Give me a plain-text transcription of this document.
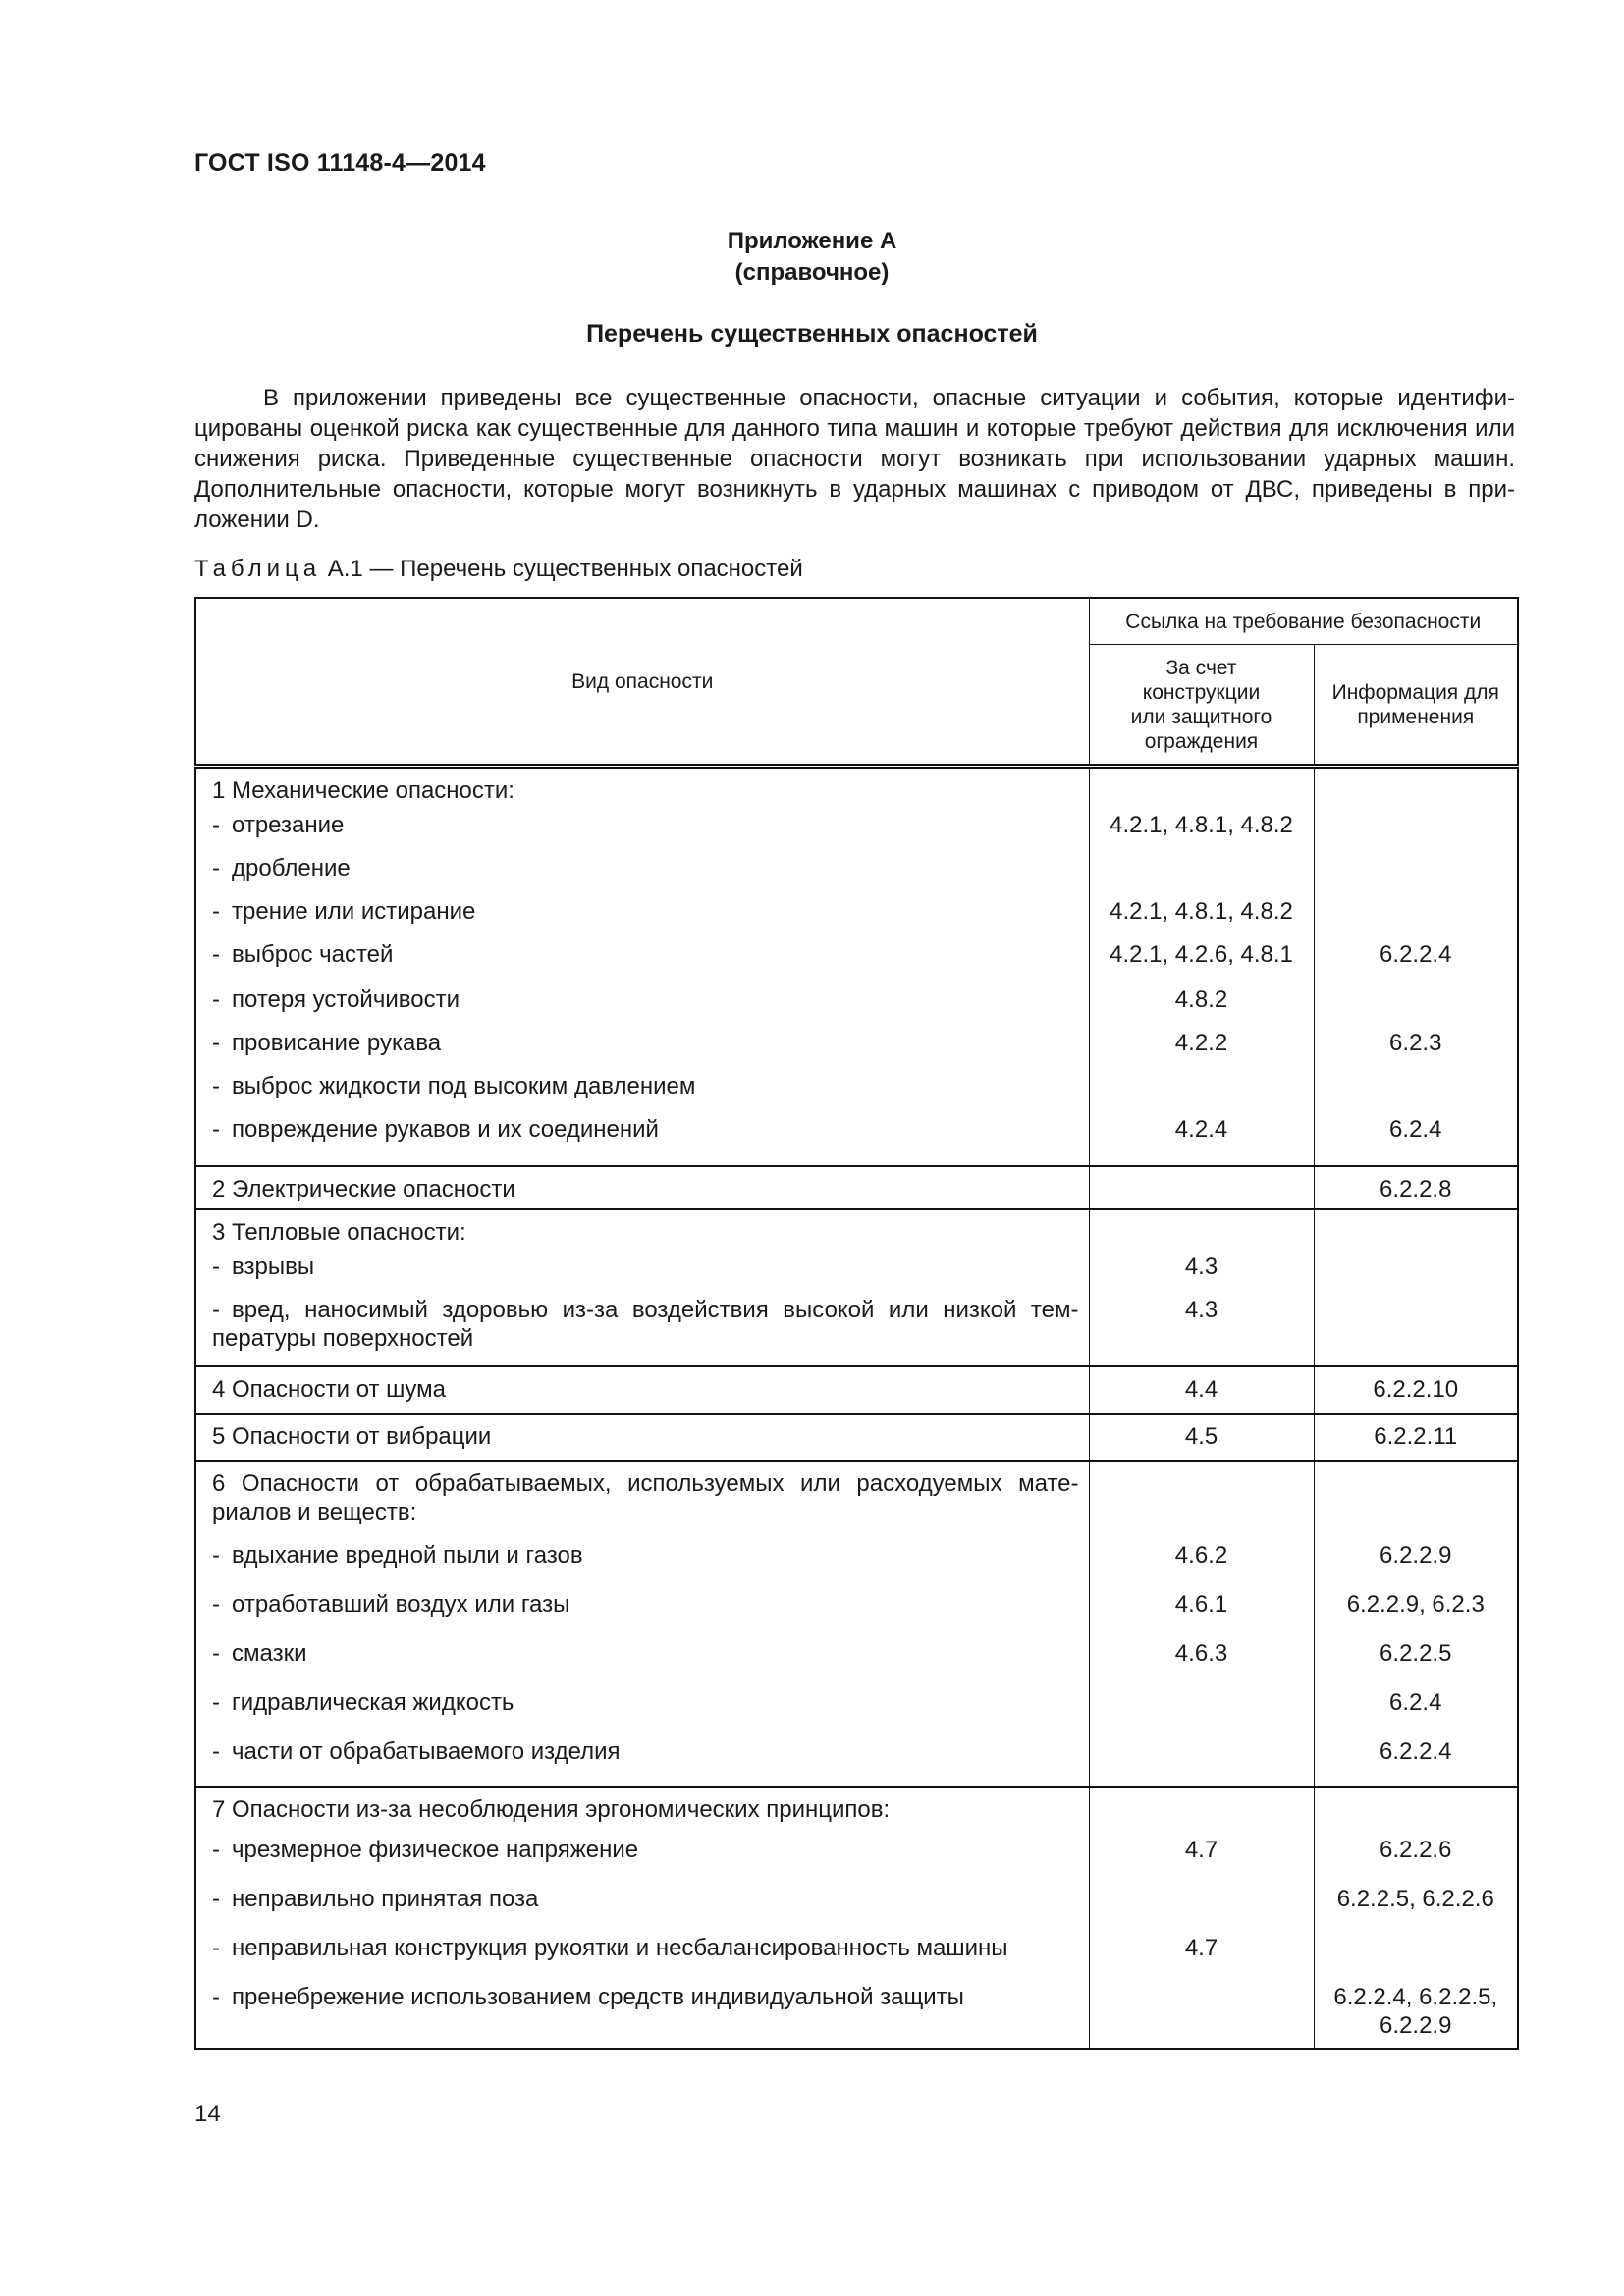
ГОСТ ISO 11148-4—2014
Приложение А
(справочное)
Перечень существенных опасностей
В приложении приведены все существенные опасности, опасные ситуации и события, которые идентифицированы оценкой риска как существенные для данного типа машин и которые требуют действия для исключения или снижения риска. Приведенные существенные опасности могут возникать при использовании ударных машин. Дополнительные опасности, которые могут возникнуть в ударных машинах с приводом от ДВС, приведены в приложении D.
Таблица А.1 — Перечень существенных опасностей
Вид опасности	Ссылка на требование безопасности	

	За счет конструкции или защитного ограждения	Информация для применения

1 Механические опасности:		
- отрезание	4.2.1, 4.8.1, 4.8.2	
- дробление		
- трение или истирание	4.2.1, 4.8.1, 4.8.2	
- выброс частей	4.2.1, 4.2.6, 4.8.1	6.2.2.4
- потеря устойчивости	4.8.2	
- провисание рукава	4.2.2	6.2.3
- выброс жидкости под высоким давлением		
- повреждение рукавов и их соединений	4.2.4	6.2.4
2 Электрические опасности		6.2.2.8
3 Тепловые опасности:		
- взрывы	4.3	
- вред, наносимый здоровью из-за воздействия высокой или низкой температуры поверхностей	4.3	
4 Опасности от шума	4.4	6.2.2.10
5 Опасности от вибрации	4.5	6.2.2.11
6 Опасности от обрабатываемых, используемых или расходуемых материалов и веществ:		
- вдыхание вредной пыли и газов	4.6.2	6.2.2.9
- отработавший воздух или газы	4.6.1	6.2.2.9, 6.2.3
- смазки	4.6.3	6.2.2.5
- гидравлическая жидкость		6.2.4
- части от обрабатываемого изделия		6.2.2.4
7 Опасности из-за несоблюдения эргономических принципов:		
- чрезмерное физическое напряжение	4.7	6.2.2.6
- неправильно принятая поза		6.2.2.5, 6.2.2.6
- неправильная конструкция рукоятки и несбалансированность машины	4.7	
- пренебрежение использованием средств индивидуальной защиты		6.2.2.4, 6.2.2.5, 6.2.2.9
14
